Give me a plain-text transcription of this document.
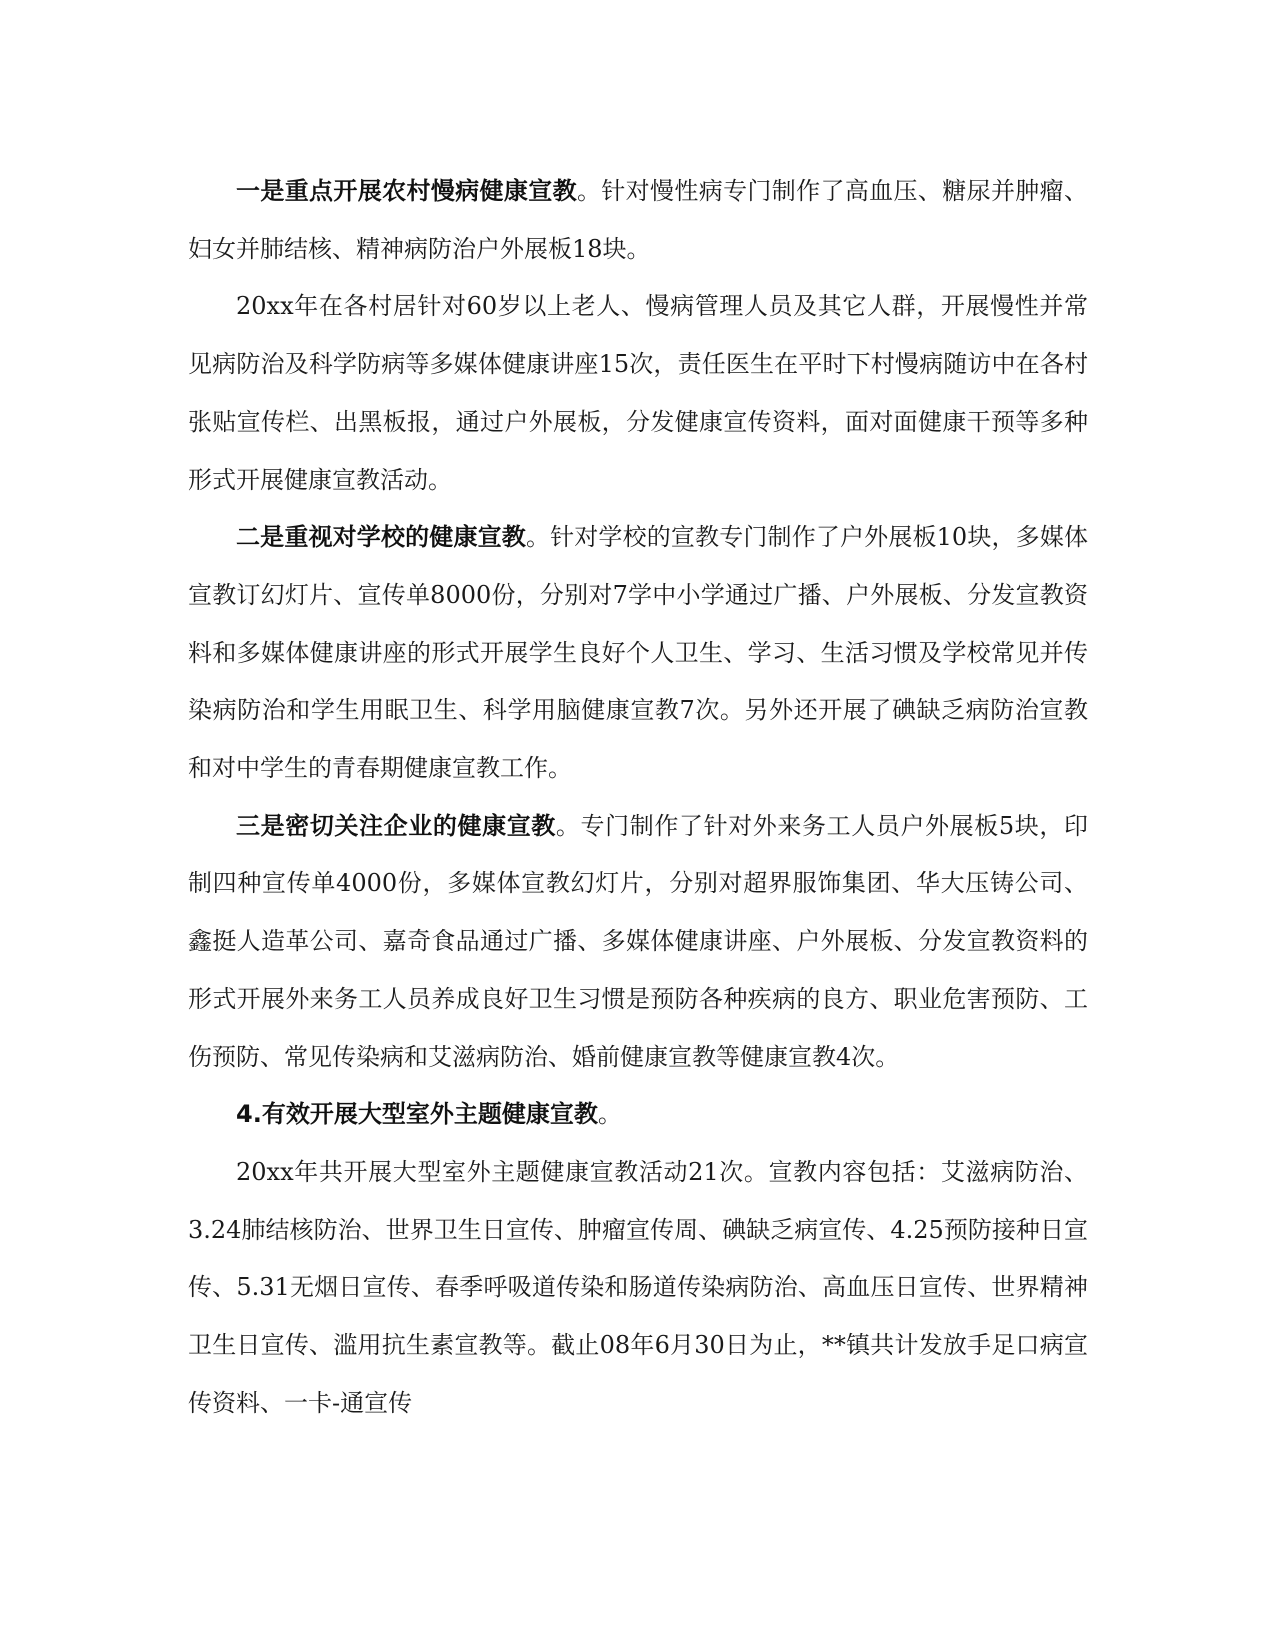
一是重点开展农村慢病健康宣教。针对慢性病专门制作了高血压、糖尿并肿瘤、妇女并肺结核、精神病防治户外展板18块。

20xx年在各村居针对60岁以上老人、慢病管理人员及其它人群，开展慢性并常见病防治及科学防病等多媒体健康讲座15次，责任医生在平时下村慢病随访中在各村张贴宣传栏、出黑板报，通过户外展板，分发健康宣传资料，面对面健康干预等多种形式开展健康宣教活动。

二是重视对学校的健康宣教。针对学校的宣教专门制作了户外展板10块，多媒体宣教订幻灯片、宣传单8000份，分别对7学中小学通过广播、户外展板、分发宣教资料和多媒体健康讲座的形式开展学生良好个人卫生、学习、生活习惯及学校常见并传染病防治和学生用眠卫生、科学用脑健康宣教7次。另外还开展了碘缺乏病防治宣教和对中学生的青春期健康宣教工作。

三是密切关注企业的健康宣教。专门制作了针对外来务工人员户外展板5块，印制四种宣传单4000份，多媒体宣教幻灯片，分别对超界服饰集团、华大压铸公司、鑫挺人造革公司、嘉奇食品通过广播、多媒体健康讲座、户外展板、分发宣教资料的形式开展外来务工人员养成良好卫生习惯是预防各种疾病的良方、职业危害预防、工伤预防、常见传染病和艾滋病防治、婚前健康宣教等健康宣教4次。

4.有效开展大型室外主题健康宣教。

20xx年共开展大型室外主题健康宣教活动21次。宣教内容包括：艾滋病防治、3.24肺结核防治、世界卫生日宣传、肿瘤宣传周、碘缺乏病宣传、4.25预防接种日宣传、5.31无烟日宣传、春季呼吸道传染和肠道传染病防治、高血压日宣传、世界精神卫生日宣传、滥用抗生素宣教等。截止08年6月30日为止，**镇共计发放手足口病宣传资料、一卡-通宣传
